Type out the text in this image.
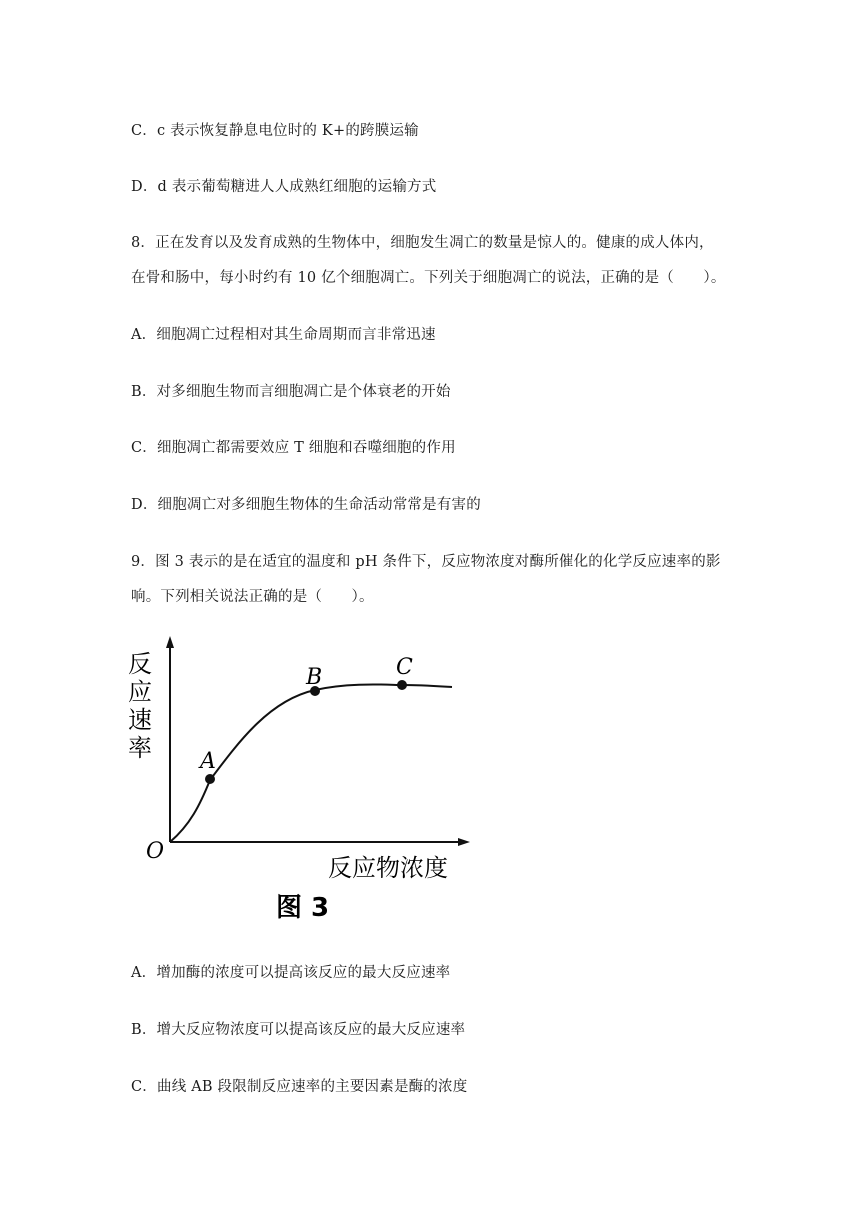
C．c 表示恢复静息电位时的 K+的跨膜运输
D．d 表示葡萄糖进人人成熟红细胞的运输方式
8．正在发育以及发育成熟的生物体中，细胞发生凋亡的数量是惊人的。健康的成人体内，
在骨和肠中，每小时约有 10 亿个细胞凋亡。下列关于细胞凋亡的说法，正确的是（　　）。
A．细胞凋亡过程相对其生命周期而言非常迅速
B．对多细胞生物而言细胞凋亡是个体衰老的开始
C．细胞凋亡都需要效应 T 细胞和吞噬细胞的作用
D．细胞凋亡对多细胞生物体的生命活动常常是有害的
9．图 3 表示的是在适宜的温度和 pH 条件下，反应物浓度对酶所催化的化学反应速率的影
响。下列相关说法正确的是（　　）。
A
B	C
O
反
应
速
率
反应物浓度
图 3
A．增加酶的浓度可以提高该反应的最大反应速率
B．增大反应物浓度可以提高该反应的最大反应速率
C．曲线 AB 段限制反应速率的主要因素是酶的浓度
